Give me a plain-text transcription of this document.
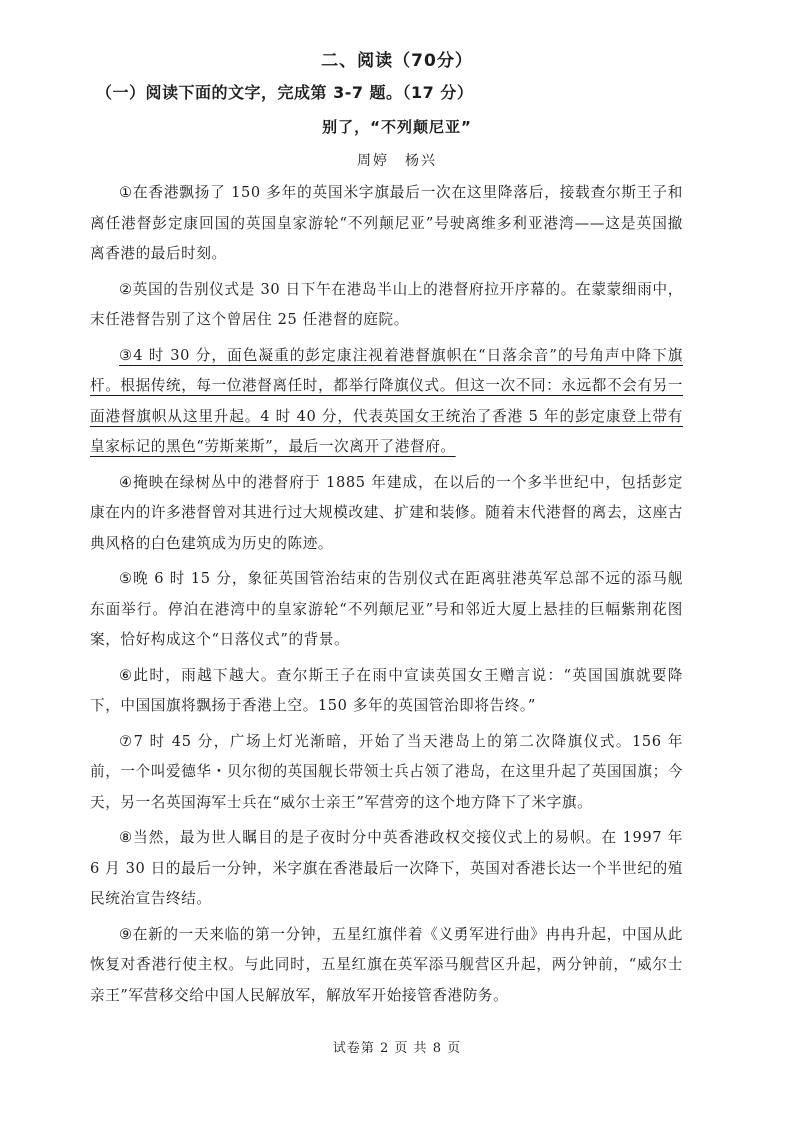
二、阅读（70分）
（一）阅读下面的文字，完成第 3-7 题。（17 分）
别了，“不列颠尼亚”
周婷　杨兴

①在香港飘扬了 150 多年的英国米字旗最后一次在这里降落后，接载查尔斯王子和离任港督彭定康回国的英国皇家游轮“不列颠尼亚”号驶离维多利亚港湾——这是英国撤离香港的最后时刻。

②英国的告别仪式是 30 日下午在港岛半山上的港督府拉开序幕的。在蒙蒙细雨中，末任港督告别了这个曾居住 25 任港督的庭院。

③4 时 30 分，面色凝重的彭定康注视着港督旗帜在“日落余音”的号角声中降下旗杆。根据传统，每一位港督离任时，都举行降旗仪式。但这一次不同：永远都不会有另一面港督旗帜从这里升起。4 时 40 分，代表英国女王统治了香港 5 年的彭定康登上带有皇家标记的黑色“劳斯莱斯”，最后一次离开了港督府。

④掩映在绿树丛中的港督府于 1885 年建成，在以后的一个多半世纪中，包括彭定康在内的许多港督曾对其进行过大规模改建、扩建和装修。随着末代港督的离去，这座古典风格的白色建筑成为历史的陈迹。

⑤晚 6 时 15 分，象征英国管治结束的告别仪式在距离驻港英军总部不远的添马舰东面举行。停泊在港湾中的皇家游轮“不列颠尼亚”号和邻近大厦上悬挂的巨幅紫荆花图案，恰好构成这个“日落仪式”的背景。

⑥此时，雨越下越大。查尔斯王子在雨中宣读英国女王赠言说：“英国国旗就要降下，中国国旗将飘扬于香港上空。150 多年的英国管治即将告终。”

⑦7 时 45 分，广场上灯光渐暗，开始了当天港岛上的第二次降旗仪式。156 年前，一个叫爱德华・贝尔彻的英国舰长带领士兵占领了港岛，在这里升起了英国国旗；今天，另一名英国海军士兵在“威尔士亲王”军营旁的这个地方降下了米字旗。

⑧当然，最为世人瞩目的是子夜时分中英香港政权交接仪式上的易帜。在 1997 年 6 月 30 日的最后一分钟，米字旗在香港最后一次降下，英国对香港长达一个半世纪的殖民统治宣告终结。

⑨在新的一天来临的第一分钟，五星红旗伴着《义勇军进行曲》冉冉升起，中国从此恢复对香港行使主权。与此同时，五星红旗在英军添马舰营区升起，两分钟前，“威尔士亲王”军营移交给中国人民解放军，解放军开始接管香港防务。

试卷第 2 页 共 8 页
